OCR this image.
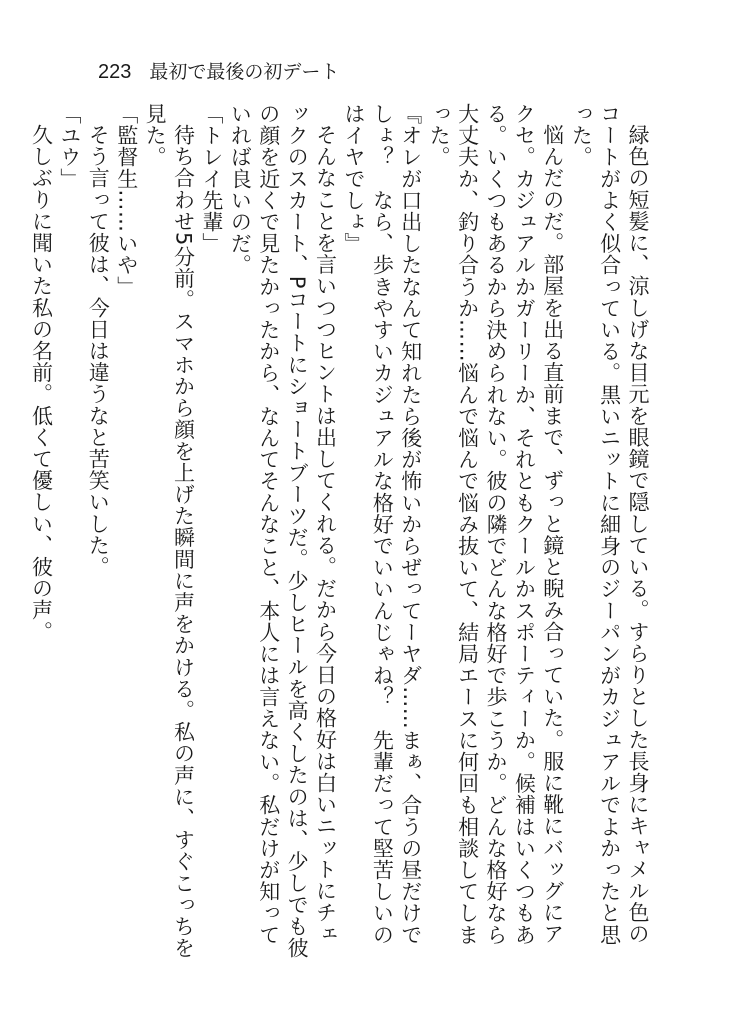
223 最初で最後の初デート

緑色の短髪に、涼しげな目元を眼鏡で隠している。すらりとした長身にキャメル色のコートがよく似合っている。黒いニットに細身のジーパンがカジュアルでよかったと思った。

悩んだのだ。部屋を出る直前まで、ずっと鏡と睨み合っていた。服に靴にバッグにアクセ。カジュアルかガーリーか、それともクールかスポーティーか。候補はいくつもある。いくつもあるから決められない。彼の隣でどんな格好で歩こうか。どんな格好なら大丈夫か、釣り合うか……悩んで悩んで悩み抜いて、結局エースに何回も相談してしまった。

『オレが口出したなんて知れたら後が怖いからぜってーヤダ……まぁ、合うの昼だけでしょ？　なら、歩きやすいカジュアルな格好でいいんじゃね？　先輩だって堅苦しいのはイヤでしょ』

そんなことを言いつつヒントは出してくれる。だから今日の格好は白いニットにチェックのスカート、Pコートにショートブーツだ。少しヒールを高くしたのは、少しでも彼の顔を近くで見たかったから、なんてそんなこと、本人には言えない。私だけが知っていれば良いのだ。

「トレイ先輩」

待ち合わせ5分前。スマホから顔を上げた瞬間に声をかける。私の声に、すぐこっちを見た。

「監督生……いや」

そう言って彼は、今日は違うなと苦笑いした。

「ユウ」

久しぶりに聞いた私の名前。低くて優しい、彼の声。
